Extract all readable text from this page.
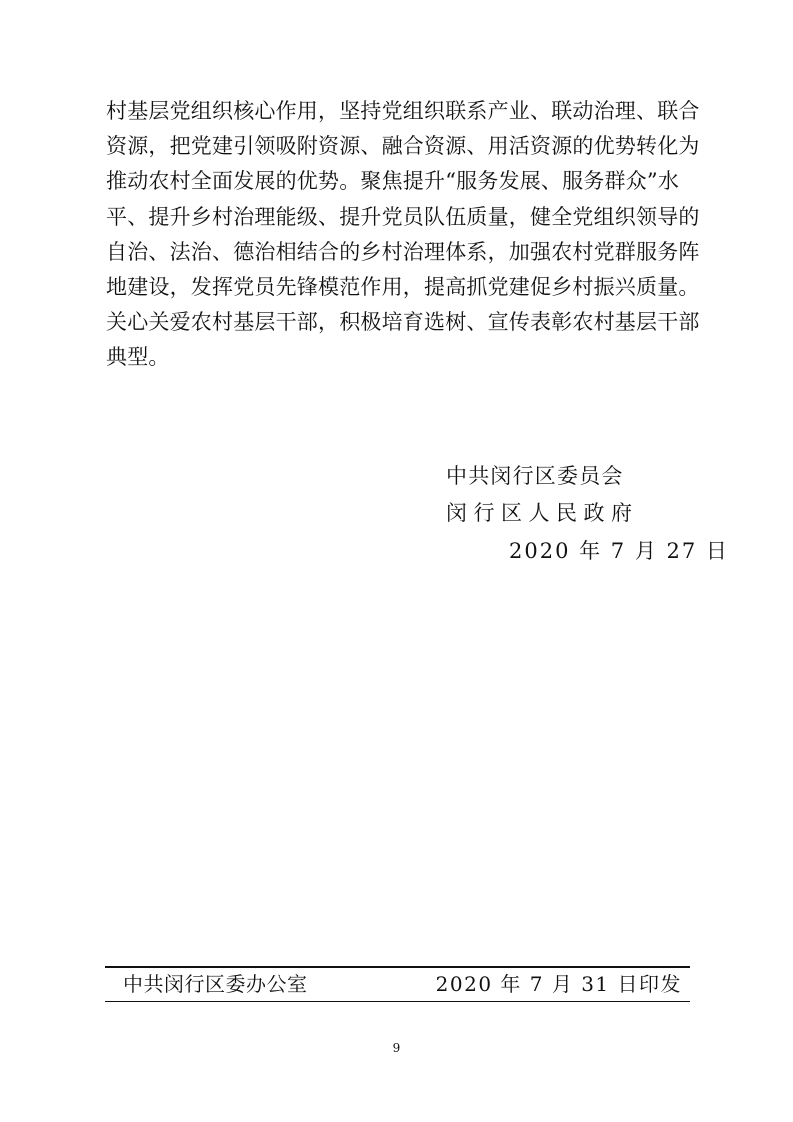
村基层党组织核心作用，坚持党组织联系产业、联动治理、联合
资源，把党建引领吸附资源、融合资源、用活资源的优势转化为
推动农村全面发展的优势。聚焦提升“服务发展、服务群众”水
平、提升乡村治理能级、提升党员队伍质量，健全党组织领导的
自治、法治、德治相结合的乡村治理体系，加强农村党群服务阵
地建设，发挥党员先锋模范作用，提高抓党建促乡村振兴质量。
关心关爱农村基层干部，积极培育选树、宣传表彰农村基层干部
典型。
中共闵行区委员会
闵行区人民政府
2020 年 7 月 27 日
中共闵行区委办公室	2020 年 7 月 31 日印发
9
